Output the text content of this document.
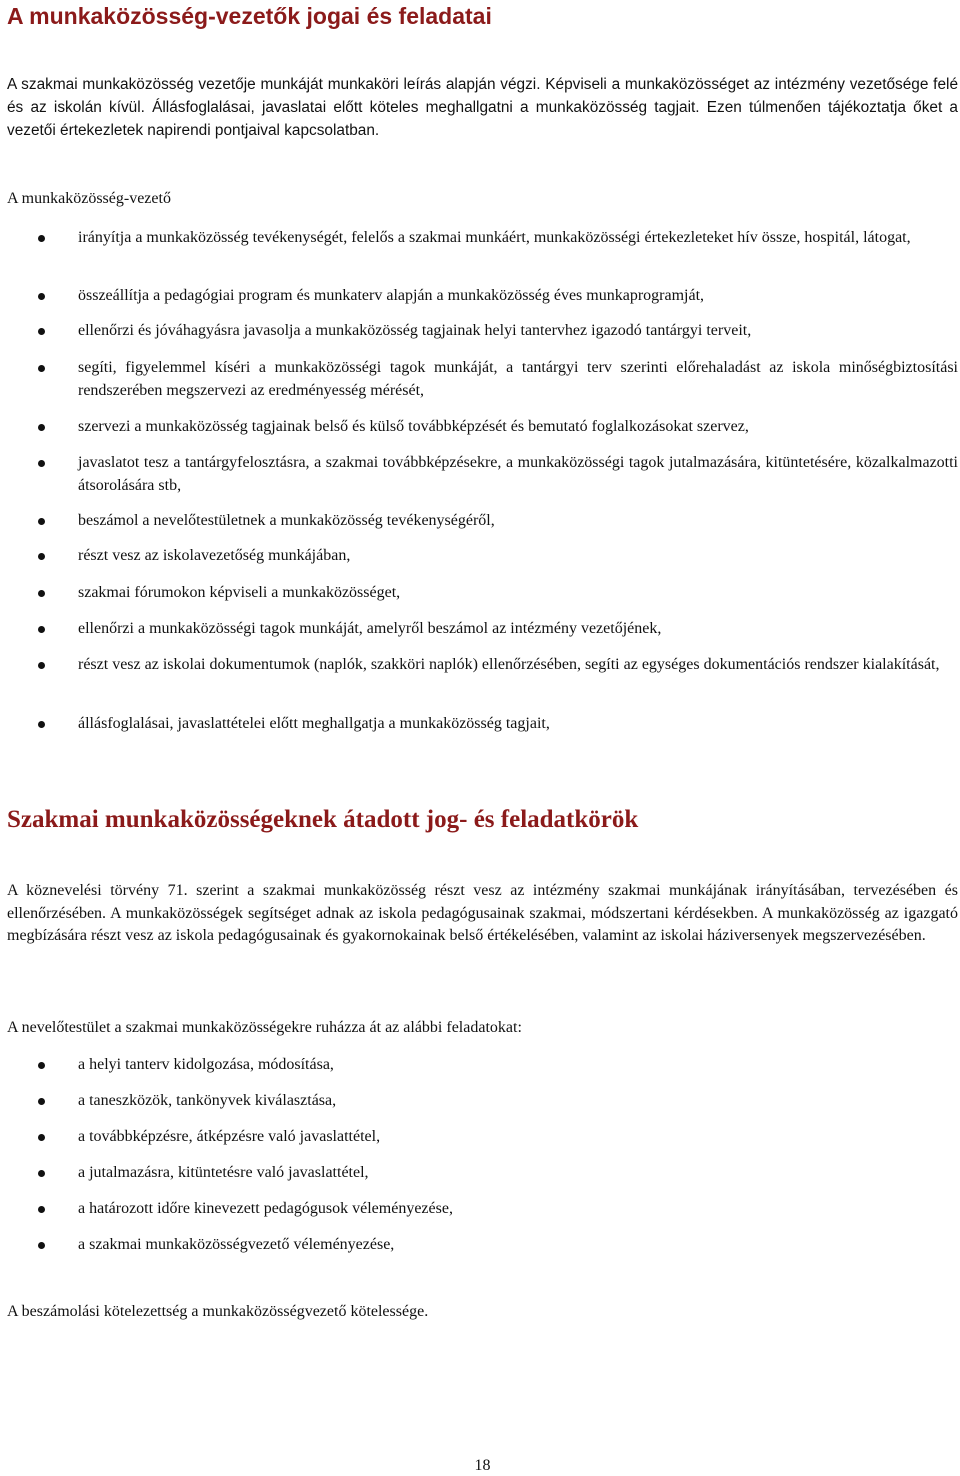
A munkaközösség-vezetők jogai és feladatai

A szakmai munkaközösség vezetője munkáját munkaköri leírás alapján végzi. Képviseli a munkaközösséget az intézmény vezetősége felé és az iskolán kívül. Állásfoglalásai, javaslatai előtt köteles meghallgatni a munkaközösség tagjait. Ezen túlmenően tájékoztatja őket a vezetői értekezletek napirendi pontjaival kapcsolatban.

A munkaközösség-vezető

irányítja a munkaközösség tevékenységét, felelős a szakmai munkáért, munkaközösségi értekezleteket hív össze, hospitál, látogat,
összeállítja a pedagógiai program és munkaterv alapján a munkaközösség éves munkaprogramját,
ellenőrzi és jóváhagyásra javasolja a munkaközösség tagjainak helyi tantervhez igazodó tantárgyi terveit,
segíti, figyelemmel kíséri a munkaközösségi tagok munkáját, a tantárgyi terv szerinti előrehaladást az iskola minőségbiztosítási rendszerében megszervezi az eredményesség mérését,
szervezi a munkaközösség tagjainak belső és külső továbbképzését és bemutató foglalkozásokat szervez,
javaslatot tesz a tantárgyfelosztásra, a szakmai továbbképzésekre, a munkaközösségi tagok jutalmazására, kitüntetésére, közalkalmazotti átsorolására stb,
beszámol a nevelőtestületnek a munkaközösség tevékenységéről,
részt vesz az iskolavezetőség munkájában,
szakmai fórumokon képviseli a munkaközösséget,
ellenőrzi a munkaközösségi tagok munkáját, amelyről beszámol az intézmény vezetőjének,
részt vesz az iskolai dokumentumok (naplók, szakköri naplók) ellenőrzésében, segíti az egységes dokumentációs rendszer kialakítását,
állásfoglalásai, javaslattételei előtt meghallgatja a munkaközösség tagjait,
Szakmai munkaközösségeknek átadott jog- és feladatkörök

A köznevelési törvény 71. szerint a szakmai munkaközösség részt vesz az intézmény szakmai munkájának irányításában, tervezésében és ellenőrzésében. A munkaközösségek segítséget adnak az iskola pedagógusainak szakmai, módszertani kérdésekben. A munkaközösség az igazgató megbízására részt vesz az iskola pedagógusainak és gyakornokainak belső értékelésében, valamint az iskolai háziversenyek megszervezésében.

A nevelőtestület a szakmai munkaközösségekre ruházza át az alábbi feladatokat:

a helyi tanterv kidolgozása, módosítása,
a taneszközök, tankönyvek kiválasztása,
a továbbképzésre, átképzésre való javaslattétel,
a jutalmazásra, kitüntetésre való javaslattétel,
a határozott időre kinevezett pedagógusok véleményezése,
a szakmai munkaközösségvezető véleményezése,

A beszámolási kötelezettség a munkaközösségvezető kötelessége.

18
